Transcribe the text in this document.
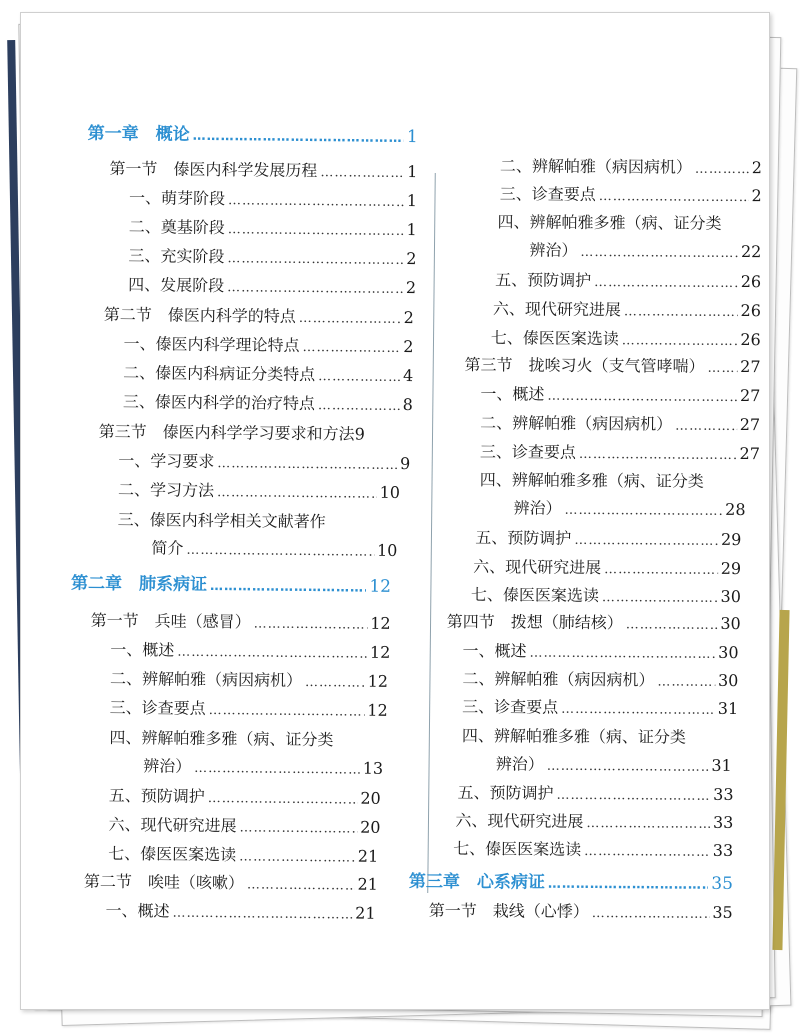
第一章　概论 ………………………………………………………………………………………………………………	1
第一节　傣医内科学发展历程 ………………………………………………………………………………………………………………	1
一、萌芽阶段 ………………………………………………………………………………………………………………	1
二、奠基阶段 ………………………………………………………………………………………………………………	1
三、充实阶段 ………………………………………………………………………………………………………………	2
四、发展阶段 ………………………………………………………………………………………………………………	2
第二节　傣医内科学的特点 ………………………………………………………………………………………………………………	2
一、傣医内科学理论特点 ………………………………………………………………………………………………………………	2
二、傣医内科病证分类特点 ………………………………………………………………………………………………………………	4
三、傣医内科学的治疗特点 ………………………………………………………………………………………………………………	8
第三节　傣医内科学学习要求和方法 9
一、学习要求 ………………………………………………………………………………………………………………	9
二、学习方法 ………………………………………………………………………………………………………………	10
三、傣医内科学相关文献著作
简介 ………………………………………………………………………………………………………………	10
第二章　肺系病证 ………………………………………………………………………………………………………………	12
第一节　兵哇（感冒） ………………………………………………………………………………………………………………	12
一、概述 ………………………………………………………………………………………………………………	12
二、辨解帕雅（病因病机） ………………………………………………………………………………………………………………	12
三、诊查要点 ………………………………………………………………………………………………………………	12
四、辨解帕雅多雅（病、证分类
辨治） ………………………………………………………………………………………………………………	13
五、预防调护 ………………………………………………………………………………………………………………	20
六、现代研究进展 ………………………………………………………………………………………………………………	20
七、傣医医案选读 ………………………………………………………………………………………………………………	21
第二节　唉哇（咳嗽） ………………………………………………………………………………………………………………	21
一、概述 ………………………………………………………………………………………………………………	21
二、辨解帕雅（病因病机） ………………………………………………………………………………………………………………	2
三、诊查要点 ………………………………………………………………………………………………………………	2
四、辨解帕雅多雅（病、证分类
辨治） ………………………………………………………………………………………………………………	22
五、预防调护 ………………………………………………………………………………………………………………	26
六、现代研究进展 ………………………………………………………………………………………………………………	26
七、傣医医案选读 ………………………………………………………………………………………………………………	26
第三节　拢唉习火（支气管哮喘） ……………………………………………………………………………………………………………… 27
一、概述 ………………………………………………………………………………………………………………	27
二、辨解帕雅（病因病机） ………………………………………………………………………………………………………………	27
三、诊查要点 ………………………………………………………………………………………………………………	27
四、辨解帕雅多雅（病、证分类
辨治） ………………………………………………………………………………………………………………	28
五、预防调护 ………………………………………………………………………………………………………………	29
六、现代研究进展 ………………………………………………………………………………………………………………	29
七、傣医医案选读 ………………………………………………………………………………………………………………	30
第四节　拨想（肺结核） ………………………………………………………………………………………………………………	30
一、概述 ………………………………………………………………………………………………………………	30
二、辨解帕雅（病因病机） ………………………………………………………………………………………………………………	30
三、诊查要点 ………………………………………………………………………………………………………………	31
四、辨解帕雅多雅（病、证分类
辨治） ………………………………………………………………………………………………………………	31
五、预防调护 ………………………………………………………………………………………………………………	33
六、现代研究进展 ………………………………………………………………………………………………………………	33
七、傣医医案选读 ………………………………………………………………………………………………………………	33
第三章　心系病证 ………………………………………………………………………………………………………………	35
第一节　栽线（心悸） ………………………………………………………………………………………………………………	35
